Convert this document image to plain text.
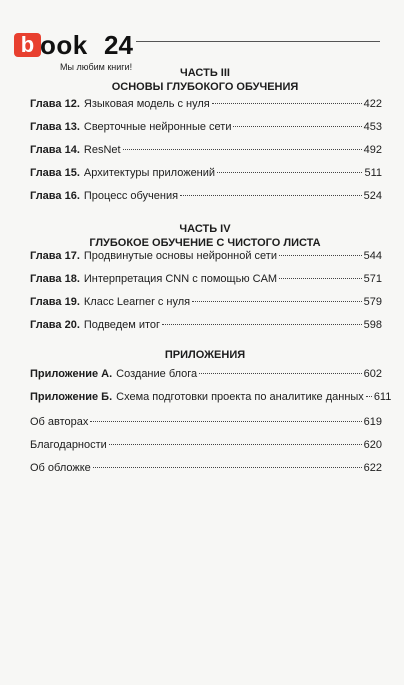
b ook 24
Мы любим книги!	ЧАСТЬ III
ОСНОВЫ ГЛУБОКОГО ОБУЧЕНИЯ
Глава 12. Языковая модель с нуля	422
Глава 13. Сверточные нейронные сети	453
Глава 14. ResNet	492
Глава 15. Архитектуры приложений	511
Глава 16. Процесс обучения	524
ЧАСТЬ IV
ГЛУБОКОЕ ОБУЧЕНИЕ С ЧИСТОГО ЛИСТА
Глава 17. Продвинутые основы нейронной сети	544
Глава 18. Интерпретация CNN с помощью CAM	571
Глава 19. Класс Learner с нуля	579
Глава 20. Подведем итог	598
ПРИЛОЖЕНИЯ
Приложение А. Создание блога	602
Приложение Б. Схема подготовки проекта по аналитике данных 611
Об авторах	619
Благодарности	620
Об обложке	622
